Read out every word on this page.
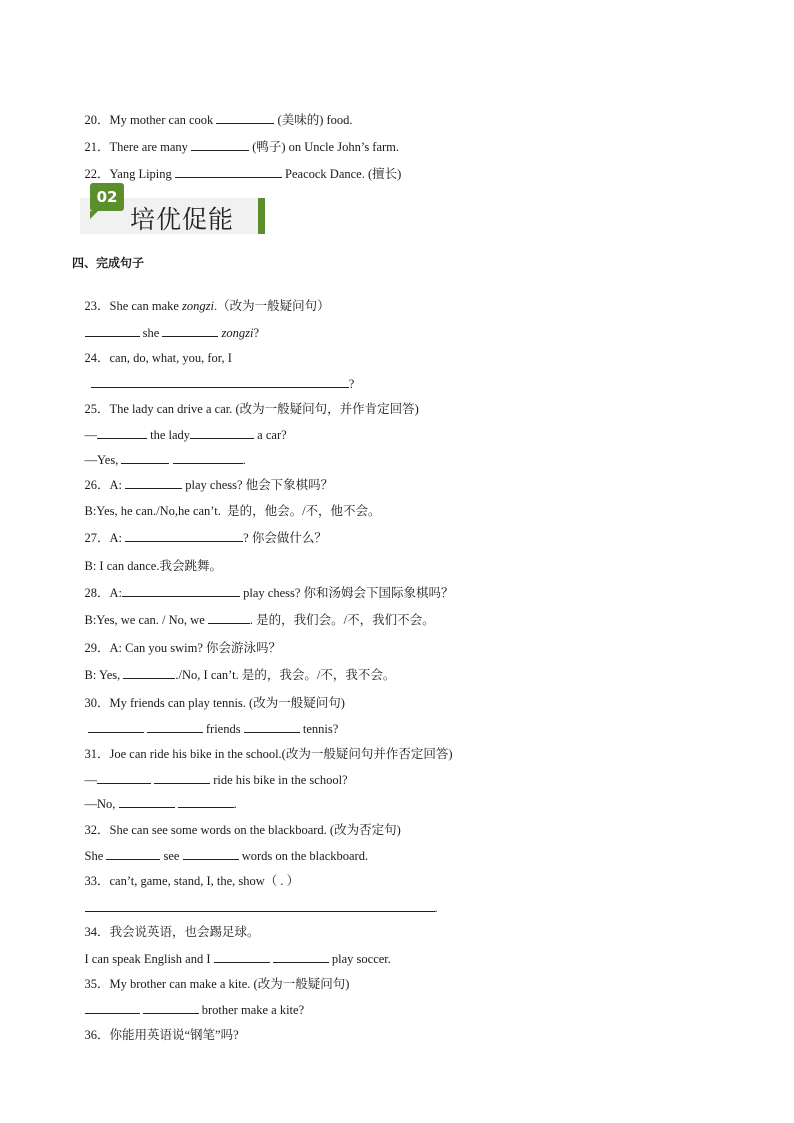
20．My mother can cook	(美味的) food.

21．There are many	(鸭子) on Uncle John’s farm.

22．Yang Liping	Peacock Dance. (擅长)

02
培优促能
四、完成句子

23．She can make zongzi.（改为一般疑问句）

she	zongzi?

24．can, do, what, you, for, I

?

25．The lady can drive a car. (改为一般疑问句，并作肯定回答)

—	the lady	a car?

—Yes,	.

26．A:	play chess? 他会下象棋吗？

B:Yes, he can./No,he can’t.  是的，他会。/不，他不会。

27．A:	? 你会做什么？

B: I can dance.我会跳舞。

28．A:	play chess? 你和汤姆会下国际象棋吗？

B:Yes, we can. / No, we	. 是的，我们会。/不，我们不会。

29．A: Can you swim? 你会游泳吗？

B: Yes,	./No, I can’t. 是的，我会。/不，我不会。

30．My friends can play tennis. (改为一般疑问句)

friends	tennis?

31．Joe can ride his bike in the school.(改为一般疑问句并作否定回答)

—	ride his bike in the school?

—No,	.

32．She can see some words on the blackboard. (改为否定句)

She	see	words on the blackboard.

33．can’t, game, stand, I, the, show（ . ）

.

34．我会说英语，也会踢足球。

I can speak English and I	play soccer.

35．My brother can make a kite. (改为一般疑问句)

brother make a kite?

36．你能用英语说“钢笔”吗?
